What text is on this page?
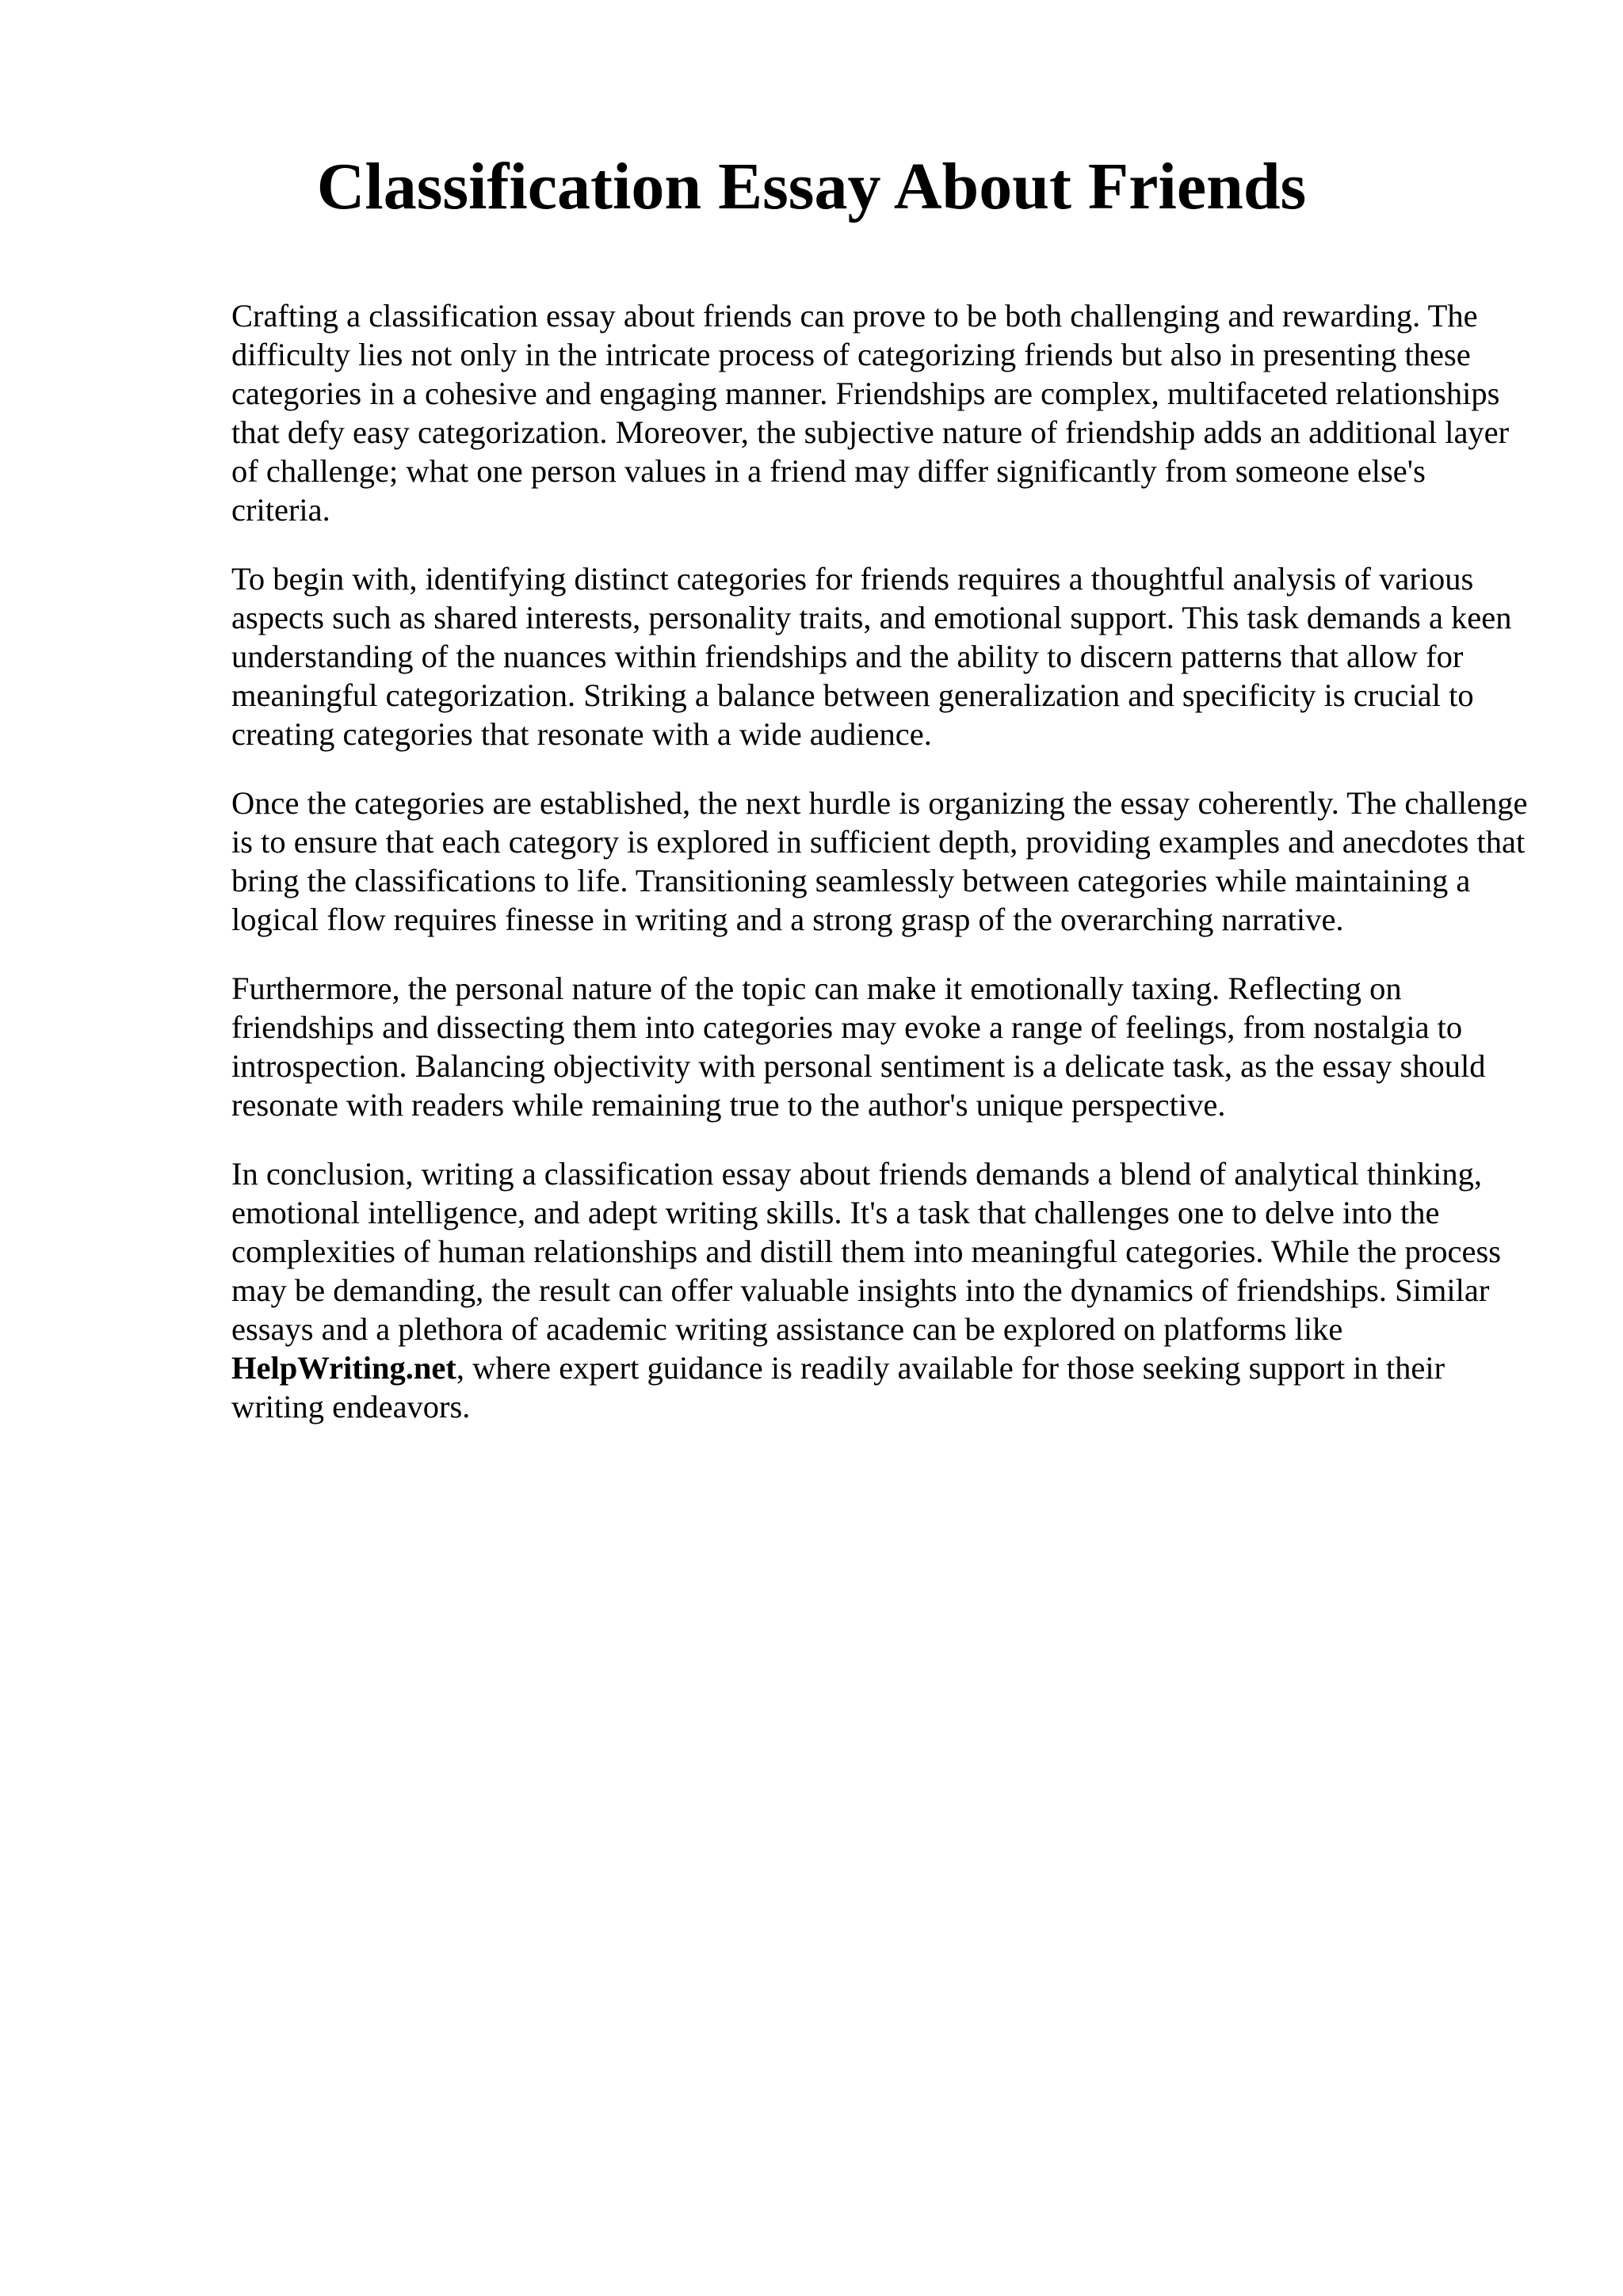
Classification Essay About Friends

Crafting a classification essay about friends can prove to be both challenging and rewarding. The difficulty lies not only in the intricate process of categorizing friends but also in presenting these categories in a cohesive and engaging manner. Friendships are complex, multifaceted relationships that defy easy categorization. Moreover, the subjective nature of friendship adds an additional layer of challenge; what one person values in a friend may differ significantly from someone else's criteria.

To begin with, identifying distinct categories for friends requires a thoughtful analysis of various aspects such as shared interests, personality traits, and emotional support. This task demands a keen understanding of the nuances within friendships and the ability to discern patterns that allow for meaningful categorization. Striking a balance between generalization and specificity is crucial to creating categories that resonate with a wide audience.

Once the categories are established, the next hurdle is organizing the essay coherently. The challenge is to ensure that each category is explored in sufficient depth, providing examples and anecdotes that bring the classifications to life. Transitioning seamlessly between categories while maintaining a logical flow requires finesse in writing and a strong grasp of the overarching narrative.

Furthermore, the personal nature of the topic can make it emotionally taxing. Reflecting on friendships and dissecting them into categories may evoke a range of feelings, from nostalgia to introspection. Balancing objectivity with personal sentiment is a delicate task, as the essay should resonate with readers while remaining true to the author's unique perspective.

In conclusion, writing a classification essay about friends demands a blend of analytical thinking, emotional intelligence, and adept writing skills. It's a task that challenges one to delve into the complexities of human relationships and distill them into meaningful categories. While the process may be demanding, the result can offer valuable insights into the dynamics of friendships. Similar essays and a plethora of academic writing assistance can be explored on platforms like HelpWriting.net, where expert guidance is readily available for those seeking support in their writing endeavors.
